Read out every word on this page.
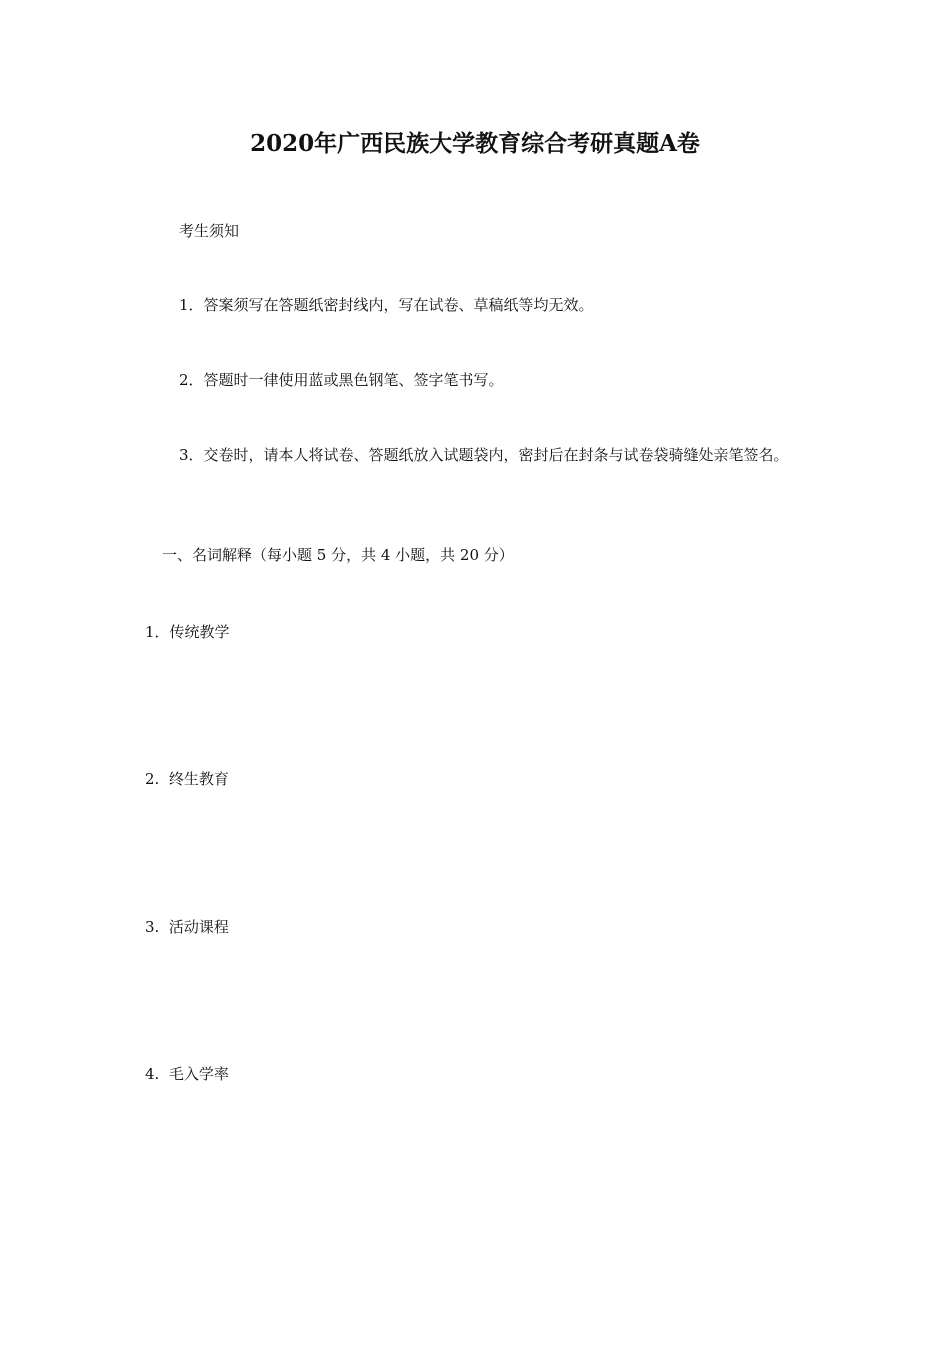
2020年广西民族大学教育综合考研真题A卷
考生须知
1．答案须写在答题纸密封线内，写在试卷、草稿纸等均无效。
2．答题时一律使用蓝或黑色钢笔、签字笔书写。
3．交卷时，请本人将试卷、答题纸放入试题袋内，密封后在封条与试卷袋骑缝处亲笔签名。
一、名词解释（每小题 5 分，共 4 小题，共 20 分）
1．传统教学
2.  终生教育
3.  活动课程
4.  毛入学率
